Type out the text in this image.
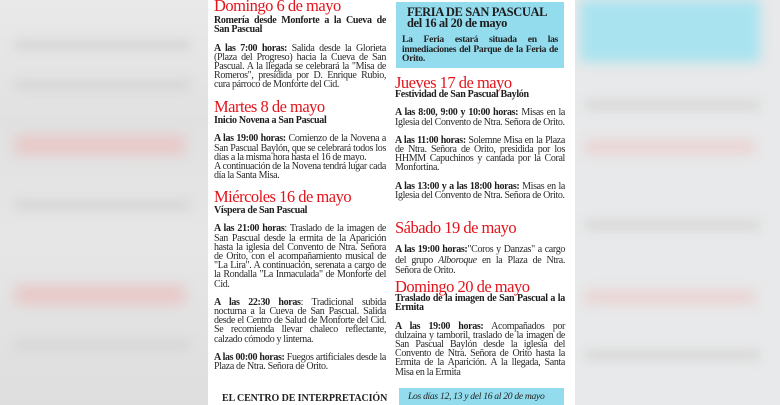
Domingo 6 de mayo
Romería desde Monforte a la Cueva de San Pascual
A las 7:00 horas: Salida desde la Glorieta (Plaza del Progreso) hacia la Cueva de San Pascual. A la llegada se celebrará la "Misa de Romeros", presidida por D. Enrique Rubio, cura párroco de Monforte del Cid.
Martes 8 de mayo
Inicio Novena a San Pascual
A las 19:00 horas: Comienzo de la Novena a San Pascual Baylón, que se celebrará todos los días a la misma hora hasta el 16 de mayo.
A continuación de la Novena tendrá lugar cada día la Santa Misa.
Miércoles 16 de mayo
Víspera de San Pascual
A las 21:00 horas: Traslado de la imagen de San Pascual desde la ermita de la Aparición hasta la iglesia del Convento de Ntra. Señora de Orito, con el acompañamiento musical de "La Lira". A continuación, serenata a cargo de la Rondalla "La Inmaculada" de Monforte del Cid.
A las 22:30 horas: Tradicional subida nocturna a la Cueva de San Pascual. Salida desde el Centro de Salud de Monforte del Cid. Se recomienda llevar chaleco reflectante, calzado cómodo y linterna.
A las 00:00 horas: Fuegos artificiales desde la Plaza de Ntra. Señora de Orito.
EL CENTRO DE INTERPRETACIÓN
FERIA DE SAN PASCUAL
del 16 al 20 de mayo
La Feria estará situada en las inmediaciones del Parque de la Feria de Orito.
Jueves 17 de mayo
Festividad de San Pascual Baylón
A las 8:00, 9:00 y 10:00 horas: Misas en la Iglesia del Convento de Ntra. Señora de Orito.
A las 11:00 horas: Solemne Misa en la Plaza de Ntra. Señora de Orito, presidida por los HHMM Capuchinos y cantada por la Coral Monfortina.
A las 13:00 y a las 18:00 horas: Misas en la Iglesia del Convento de Ntra. Señora de Orito.
Sábado 19 de mayo
A las 19:00 horas:"Coros y Danzas" a cargo del grupo Alboroque en la Plaza de Ntra. Señora de Orito.
Domingo 20 de mayo
Traslado de la imagen de San Pascual a la Ermita
A las 19:00 horas: Acompañados por dulzaina y tamboril, traslado de la imagen de San Pascual Baylón desde la iglesia del Convento de Ntra. Señora de Orito hasta la Ermita de la Aparición. A la llegada, Santa Misa en la Ermita
Los días 12, 13 y del 16 al 20 de mayo
